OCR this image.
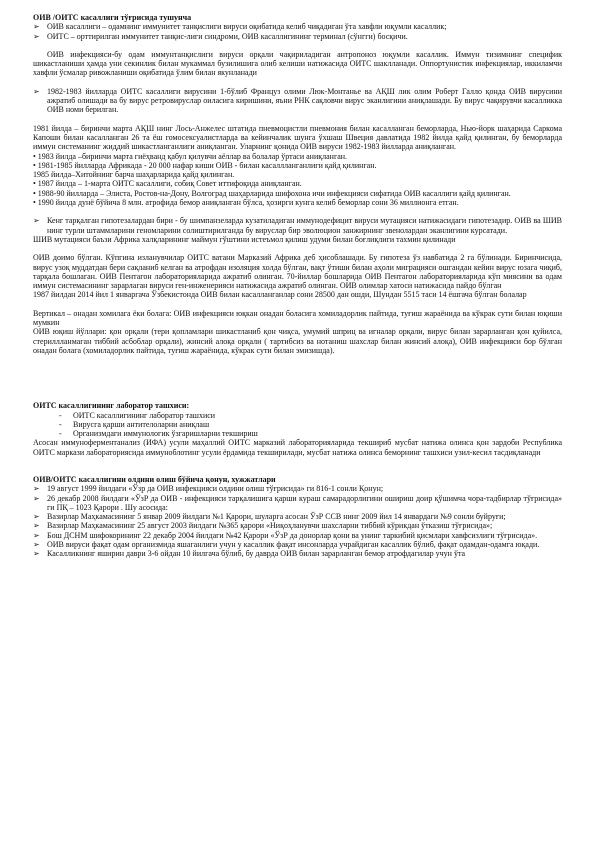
ОИВ /ОИТС касаллиги тўғрисида тушунча

➢ ОИВ касаллиги – одамнинг иммунитет танқислиги вируси оқибатида келиб чиқадиган ўта хавфли юқумли касаллик;
➢ ОИТС – орттирилган иммунитет танқис-лиги синдроми, ОИВ касаллигининг терминал (сўнгги) босқичи.

ОИВ инфекцияси-бу одам иммунтанқислиги вируси орқали чақириладиган антропоноз юқумли касаллик. Иммун тизимнинг специфик шикастланиши ҳамда уни секинлик билан мукаммал бузилишига олиб келиши натижасида ОИТС шаклланади. Оппортунистик инфекциялар, иккиламчи хавфли ўсмалар ривожланиши оқибатида ўлим билан якунланади

➢ 1982-1983 йилларда ОИТС касаллиги вирусини 1-бўлиб Француз олими Люк-Монтанье ва АҚШ лик олим Роберт Галло қонда ОИВ вирусини ажратиб олишади ва бу вирус ретровируслар оиласига киришини, яъни РНК сақловчи вирус эканлигини аниқлашади. Бу вирус чақирувчи касалликка ОИВ номи берилган.

1981 йилда – биринчи марта АҚШ нинг Лось-Анжелес штатида пневмоцистли пневмония билан касалланган беморларда, Нью-йорк шаҳарида Саркома Капоши билан касалланган 26 та ёш гомосексуалистларда ва кейинчалик шунга ўхшаш Швеция давлатида 1982 йилда қайд қилинган, бу беморларда иммун системанинг жиддий шикастланганлиги аниқланган. Уларнинг қонида ОИВ вируси 1982-1983 йилларда аниқланган.

• 1983 йилда –биринчи марта гиёҳванд қабул қилувчи аёллар ва болалар ўртаси аниқланган.

• 1981-1985 йилларда Африкада - 20 000 нафар киши ОИВ - билан касаллланганлиги қайд қилинган.

1985 йилда–Хитойнинг барча шаҳарларида қайд қилинган.

• 1987 йилда – 1-марта ОИТС касаллиги, собиқ Совет иттифоқида аниқланган.

• 1988-90 йилларда – Элиста, Ростов-на-Дону, Волгоград шаҳарларида шифохона ичи инфекцияси сифатида ОИВ касаллиги қайд қилинган.

• 1990 йилда дунё бўйича 8 млн. атрофида бемор аниқланган бўлса, ҳозирги кунга келиб беморлар сони 36 миллионга етган.

➢ Кенг тарқалган гипотезалардан бири - бу шимпанзеларда кузатиладиган иммунодефицит вируси мутацияси натижасидаги гипотезадир. ОИВ ва ШИВ нинг турли штаммларини геномларини солиштирилганда бу вируслар бир эволюцион занжирнинг звенолардан эканлигини курсатади.

ШИВ мутацияси баъзи Африка халқларининг маймун гўштини истеъмол қилиш удуми билан боғлиқлиги тахмин қилинади

ОИВ доимо бўлган. Кўпгина изланувчилар ОИТС ватани Марказий Африка деб ҳисоблашади. Бу гипотеза ўз навбатида 2 га бўлинади. Биринчисида, вирус узоқ муддатдан бери сақланиб келган ва атрофдан изоляция холда бўлган, вақт ўтиши билан аҳоли миграцияси ошгандан кейин вирус юзага чиқиб, тарқала бошлаган. ОИВ Пентагон лабораторияларида ажратиб олинган. 70-йиллар бошларида ОИВ Пентагон лабораторияларида кўп миясини ва одам иммун системасининг зарарлаган вируси ген-инженерияси натижасида ажратиб олинган. ОИВ олимлар хатоси натижасида пайдо бўлган

1987 йилдан 2014 йил 1 январгача Ўзбекистонда ОИВ билан касалланганлар сони 28500 дан ошди, Шундан 5515 таси 14 ёшгача бўлган болалар

Вертикал – онадан хомилага ёки болага: ОИВ инфекцияси юқкан онадан боласига хомиладорлик пайтида, туғиш жараёнида ва кўкрак сути билан юқиши мумкин

ОИВ юқиш йўллари: қон орқали (тери қопламлари шикастланиб қон чиқса, умумий шприц ва игналар орқали, вирус билан зарарланган қон қуйилса, стериллланмаган тиббий асбоблар орқали), жинсий алоқа орқали ( тартибсиз ва нотаниш шахслар билан жинсий алоқа), ОИВ инфекцияси бор бўлган онадан болага (хомиладорлик пайтида, туғиш жараёнида, кўкрак сути билан эмизишда).

ОИТС касаллигининг лаборатор ташхиси:

- ОИТС касаллигининг лаборатор ташхиси
- Вирусга қарши антителоларни аниқлаш
- Организмдаги иммунологик ўзгаришларни текшириш

Асосан иммуноферментанализ (ИФА) усули маҳаллий ОИТС марказий лабораторияларида текшириб мусбат натижа олинса қон зардоби Республика ОИТС маркази лабораториясида иммуноблотинг усули ёрдамида текширилади, мусбат натижа олинса беморнинг ташхиси узил-кесил тасдиқланади

ОИВ/ОИТС касаллигини олдини олиш бўйича қонун, хужжатлари

➢ 19 август 1999 йилдаги «Ўзр да ОИВ инфекцияси олдини олиш тўғрисида» ги 816-1 сонли Қонун;
➢ 26 декабр 2008 йилдаги «ЎзР да ОИВ - инфекцияси тарқалишига қарши кураш самарадорлигини ошириш доир қўшимча чора-тадбирлар тўғрисида» ги ПҚ – 1023 Қарори . Шу асосида:
➢ Вазирлар Маҳкамасининг 5 январ 2009 йилдаги №1 Қарори, шуларга асосан ЎзР ССВ нинг 2009 йил 14 январдаги №9 сонли буйруғи;
➢ Вазирлар Маҳкамасининг 25 август 2003 йилдаги №365 қарори «Ниқоҳланувчи шахсларни тиббий кўрикдан ўтказиш тўғрисида»;
➢ Бош ДСНМ шифокорининг 22 декабр 2004 йилдаги №42 Қарори «ЎзР да донорлар қони ва унинг таркибий қисмлари хавфсизлиги тўғрисида».
➢ ОИВ вируси фақат одам организмида яшаганлиги учун у касаллик фақат инсонларда учрайдиган касаллик бўлиб, фақат одамдан-одамга юқади.
➢ Касалликнинг яширин даври 3-6 ойдан 10 йилгача бўлиб, бу даврда ОИВ билан зарарланган бемор атрофдагилар учун ўта
